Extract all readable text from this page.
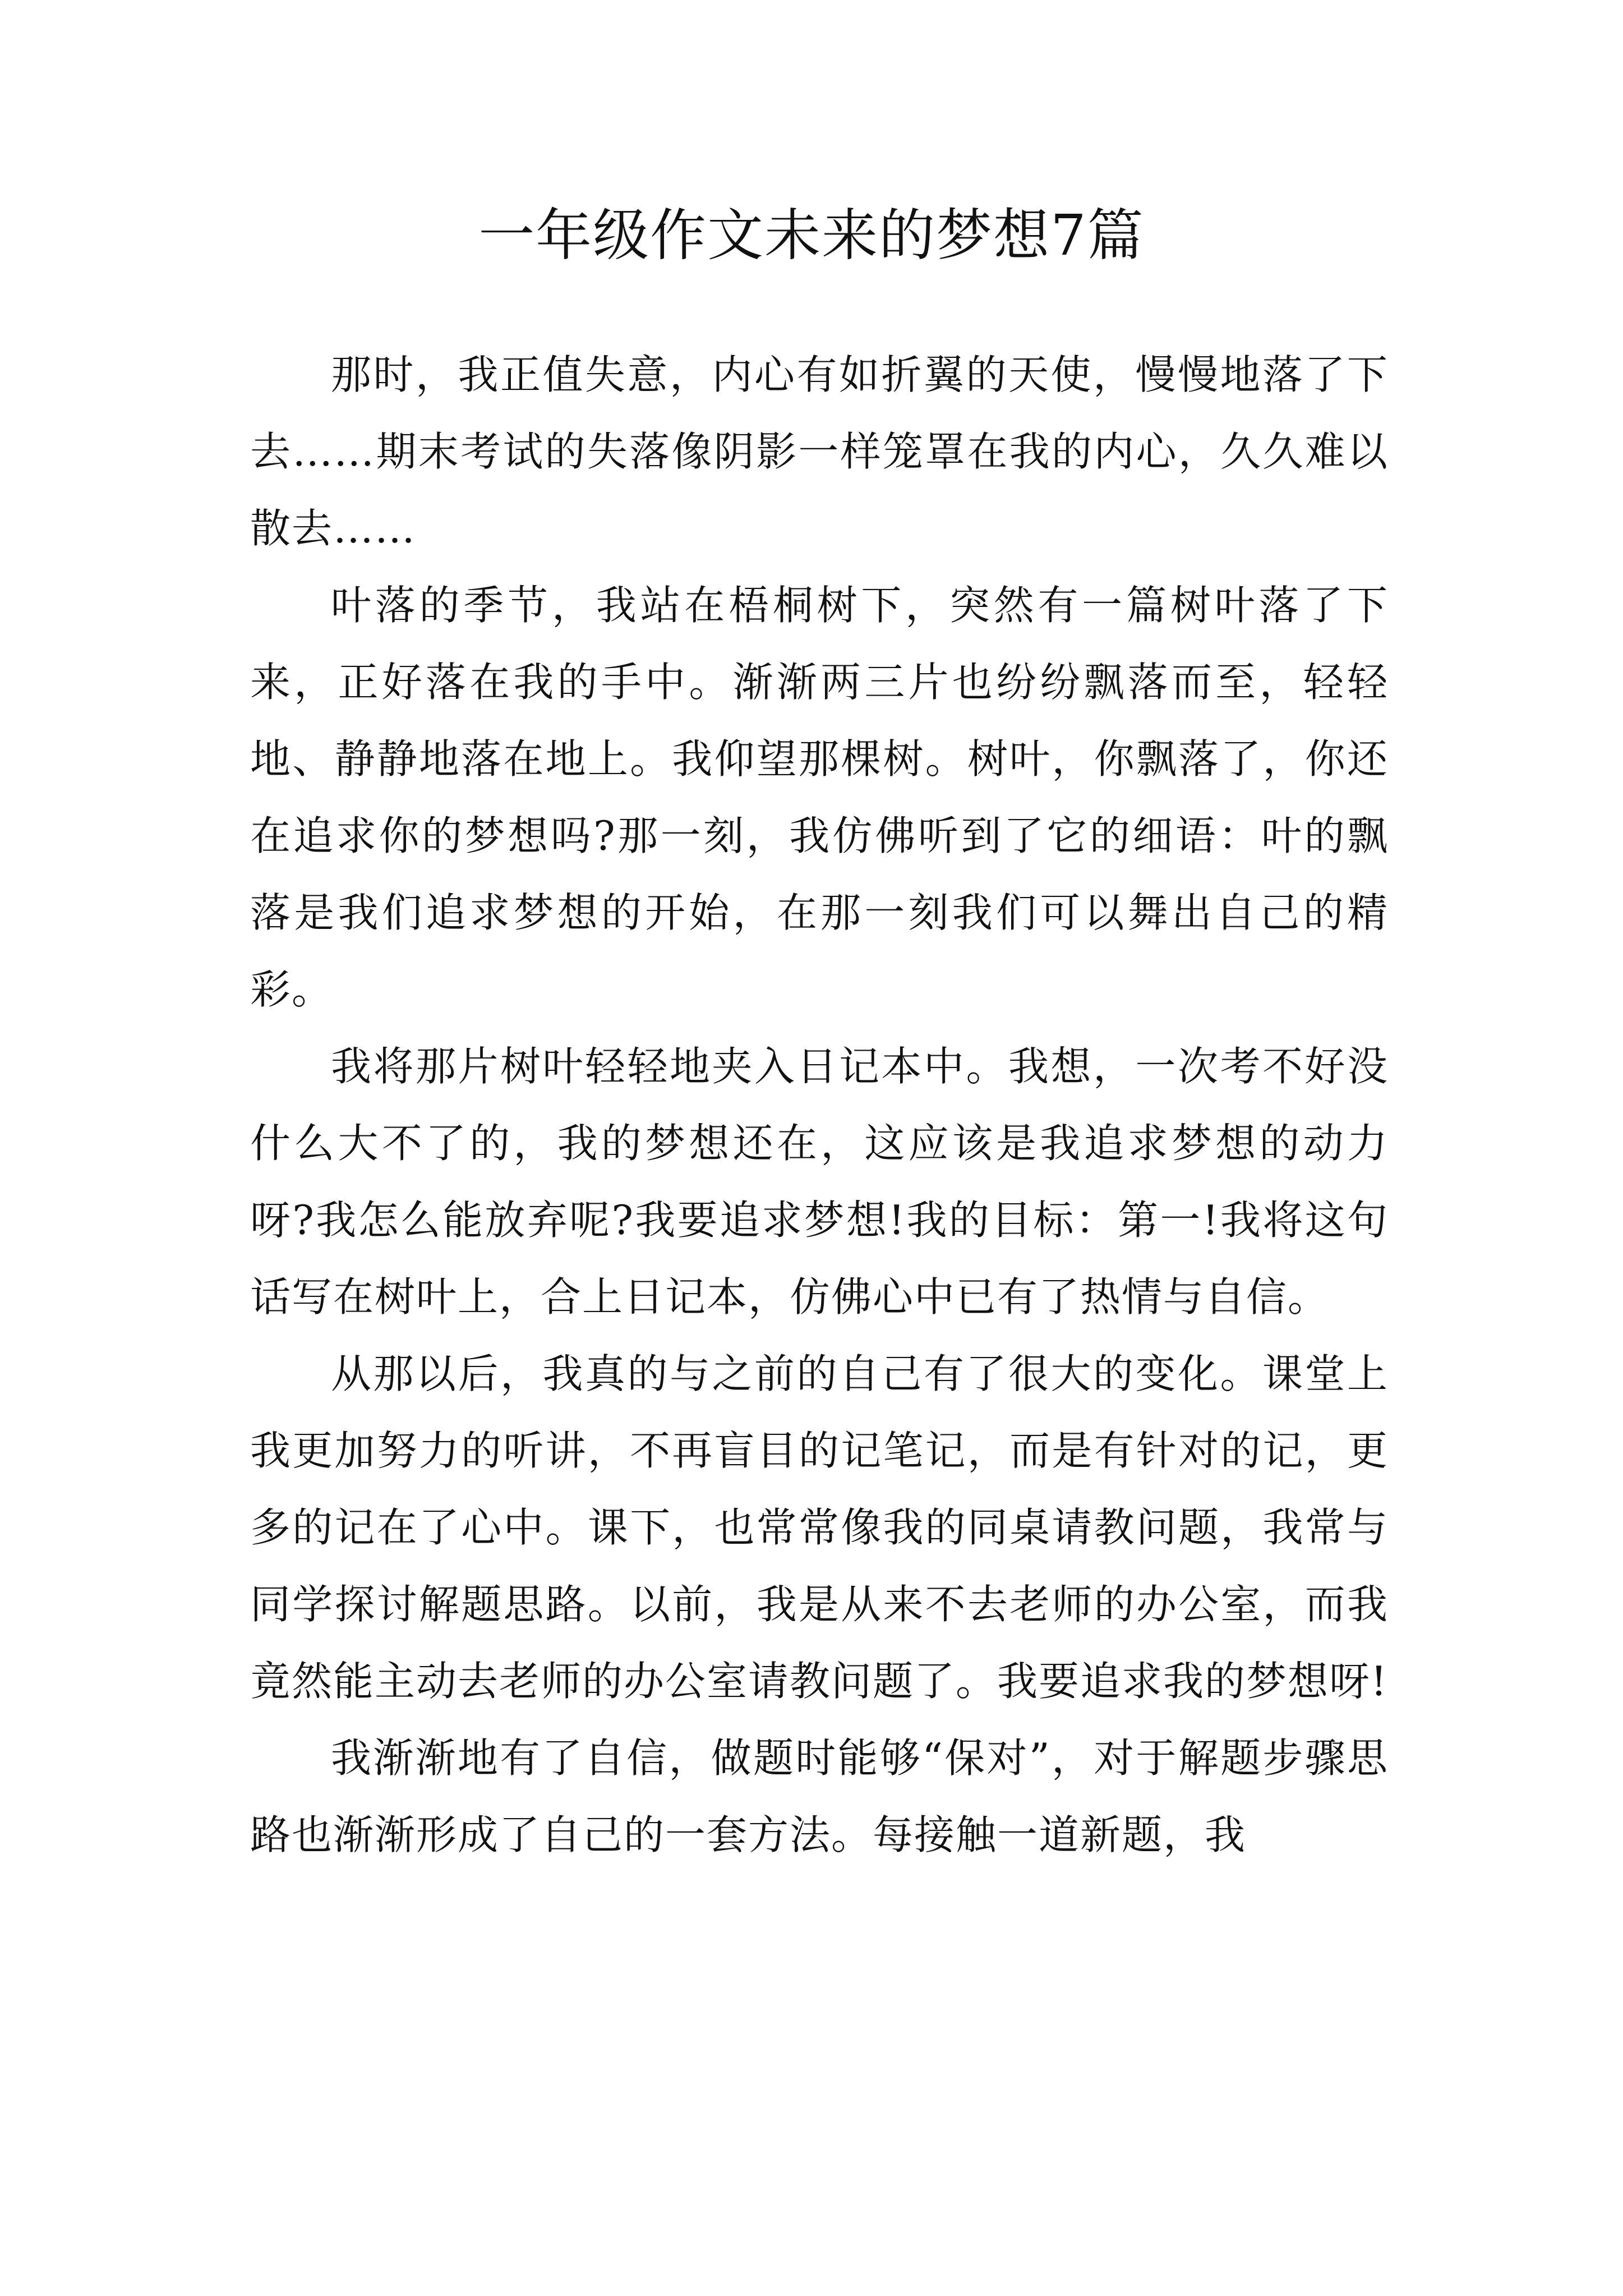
一年级作文未来的梦想7篇

那时，我正值失意，内心有如折翼的天使，慢慢地落了下去……期末考试的失落像阴影一样笼罩在我的内心，久久难以散去……

叶落的季节，我站在梧桐树下，突然有一篇树叶落了下来，正好落在我的手中。渐渐两三片也纷纷飘落而至，轻轻地、静静地落在地上。我仰望那棵树。树叶，你飘落了，你还在追求你的梦想吗?那一刻，我仿佛听到了它的细语：叶的飘落是我们追求梦想的开始，在那一刻我们可以舞出自己的精彩。

我将那片树叶轻轻地夹入日记本中。我想，一次考不好没什么大不了的，我的梦想还在，这应该是我追求梦想的动力呀?我怎么能放弃呢?我要追求梦想!我的目标：第一!我将这句话写在树叶上，合上日记本，仿佛心中已有了热情与自信。

从那以后，我真的与之前的自己有了很大的变化。课堂上我更加努力的听讲，不再盲目的记笔记，而是有针对的记，更多的记在了心中。课下，也常常像我的同桌请教问题，我常与同学探讨解题思路。以前，我是从来不去老师的办公室，而我竟然能主动去老师的办公室请教问题了。我要追求我的梦想呀!

我渐渐地有了自信，做题时能够“保对”，对于解题步骤思路也渐渐形成了自己的一套方法。每接触一道新题，我
